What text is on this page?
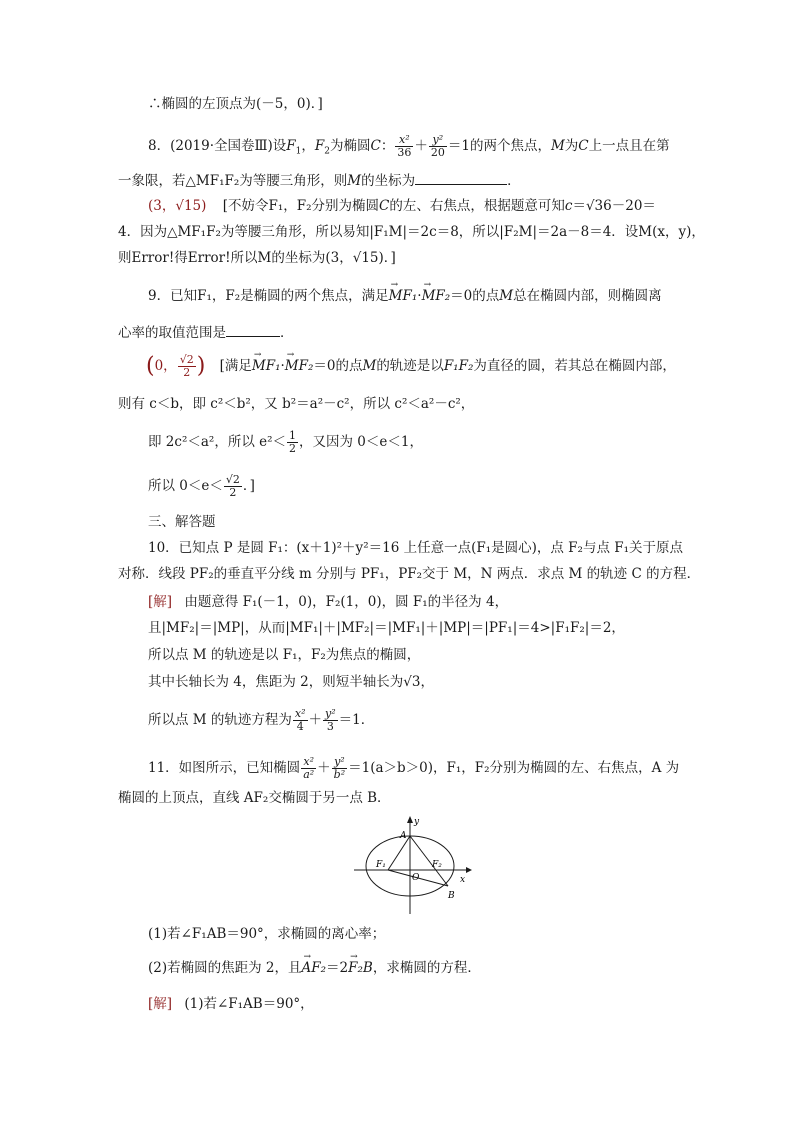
∴椭圆的左顶点为(－5，0)．]
8．(2019·全国卷Ⅲ)设$F_1$，$F_2$为椭圆C： $\frac{\text{x²}}{36} + \frac{\text{y²}}{20} =1$的两个焦点，M为C上一点且在第
一象限，若△MF₁F₂为等腰三角形，则M的坐标为	．
(3，√15) [不妨令F₁，F₂分别为椭圆C的左、右焦点，根据题意可知c＝√36－20＝
4．因为△MF₁F₂为等腰三角形，所以易知|F₁M|＝2c＝8，所以|F₂M|＝2a－8＝4．设M(x，y)，
则Error!得Error!所以M的坐标为(3，√15)．]
9．已知F₁，F₂是椭圆的两个焦点，满足→ MF₁·→ MF₂＝0的点M总在椭圆内部，则椭圆离
心率的取值范围是	．
(0， $\frac{√2}{2}$ ) [满足→ MF₁·→ MF₂＝0的点M的轨迹是以F₁F₂为直径的圆，若其总在椭圆内部，
则有 c＜b，即 c²＜b²，又 b²＝a²－c²，所以 c²＜a²－c²，
即 2c²＜a²，所以 $e^2< \frac{1}{2}$ ，又因为 0＜e＜1，
所以 $0<e< \frac{√2}{2}$ ．]
三、解答题
10．已知点 P 是圆 F₁：(x＋1)²＋y²＝16 上任意一点(F₁是圆心)，点 F₂与点 F₁关于原点
对称．线段 PF₂的垂直平分线 m 分别与 PF₁，PF₂交于 M，N 两点．求点 M 的轨迹 C 的方程．
[解] 由题意得 F₁(－1，0)，F₂(1，0)，圆 F₁的半径为 4，
且|MF₂|＝|MP|，从而|MF₁|＋|MF₂|＝|MF₁|＋|MP|＝|PF₁|＝4>|F₁F₂|＝2，
所以点 M 的轨迹是以 F₁，F₂为焦点的椭圆，
其中长轴长为 4，焦距为 2，则短半轴长为√3，
所以点 M 的轨迹方程为 $\frac{\text{x²}}{4} + \frac{\text{y²}}{3} =1$．
11．如图所示，已知椭圆 $\frac{\text{x²}}{\text{a²}} + \frac{\text{y²}}{\text{b²}} =1(a>b>0)$，F₁，F₂分别为椭圆的左、右焦点，A 为
椭圆的上顶点，直线 AF₂交椭圆于另一点 B．
y
x
A
B
O
F₁	F₂
(1)若∠F₁AB＝90°，求椭圆的离心率；
(2)若椭圆的焦距为 2，且→ AF₂＝2→ F₂B，求椭圆的方程．
[解] (1)若∠F₁AB＝90°，
